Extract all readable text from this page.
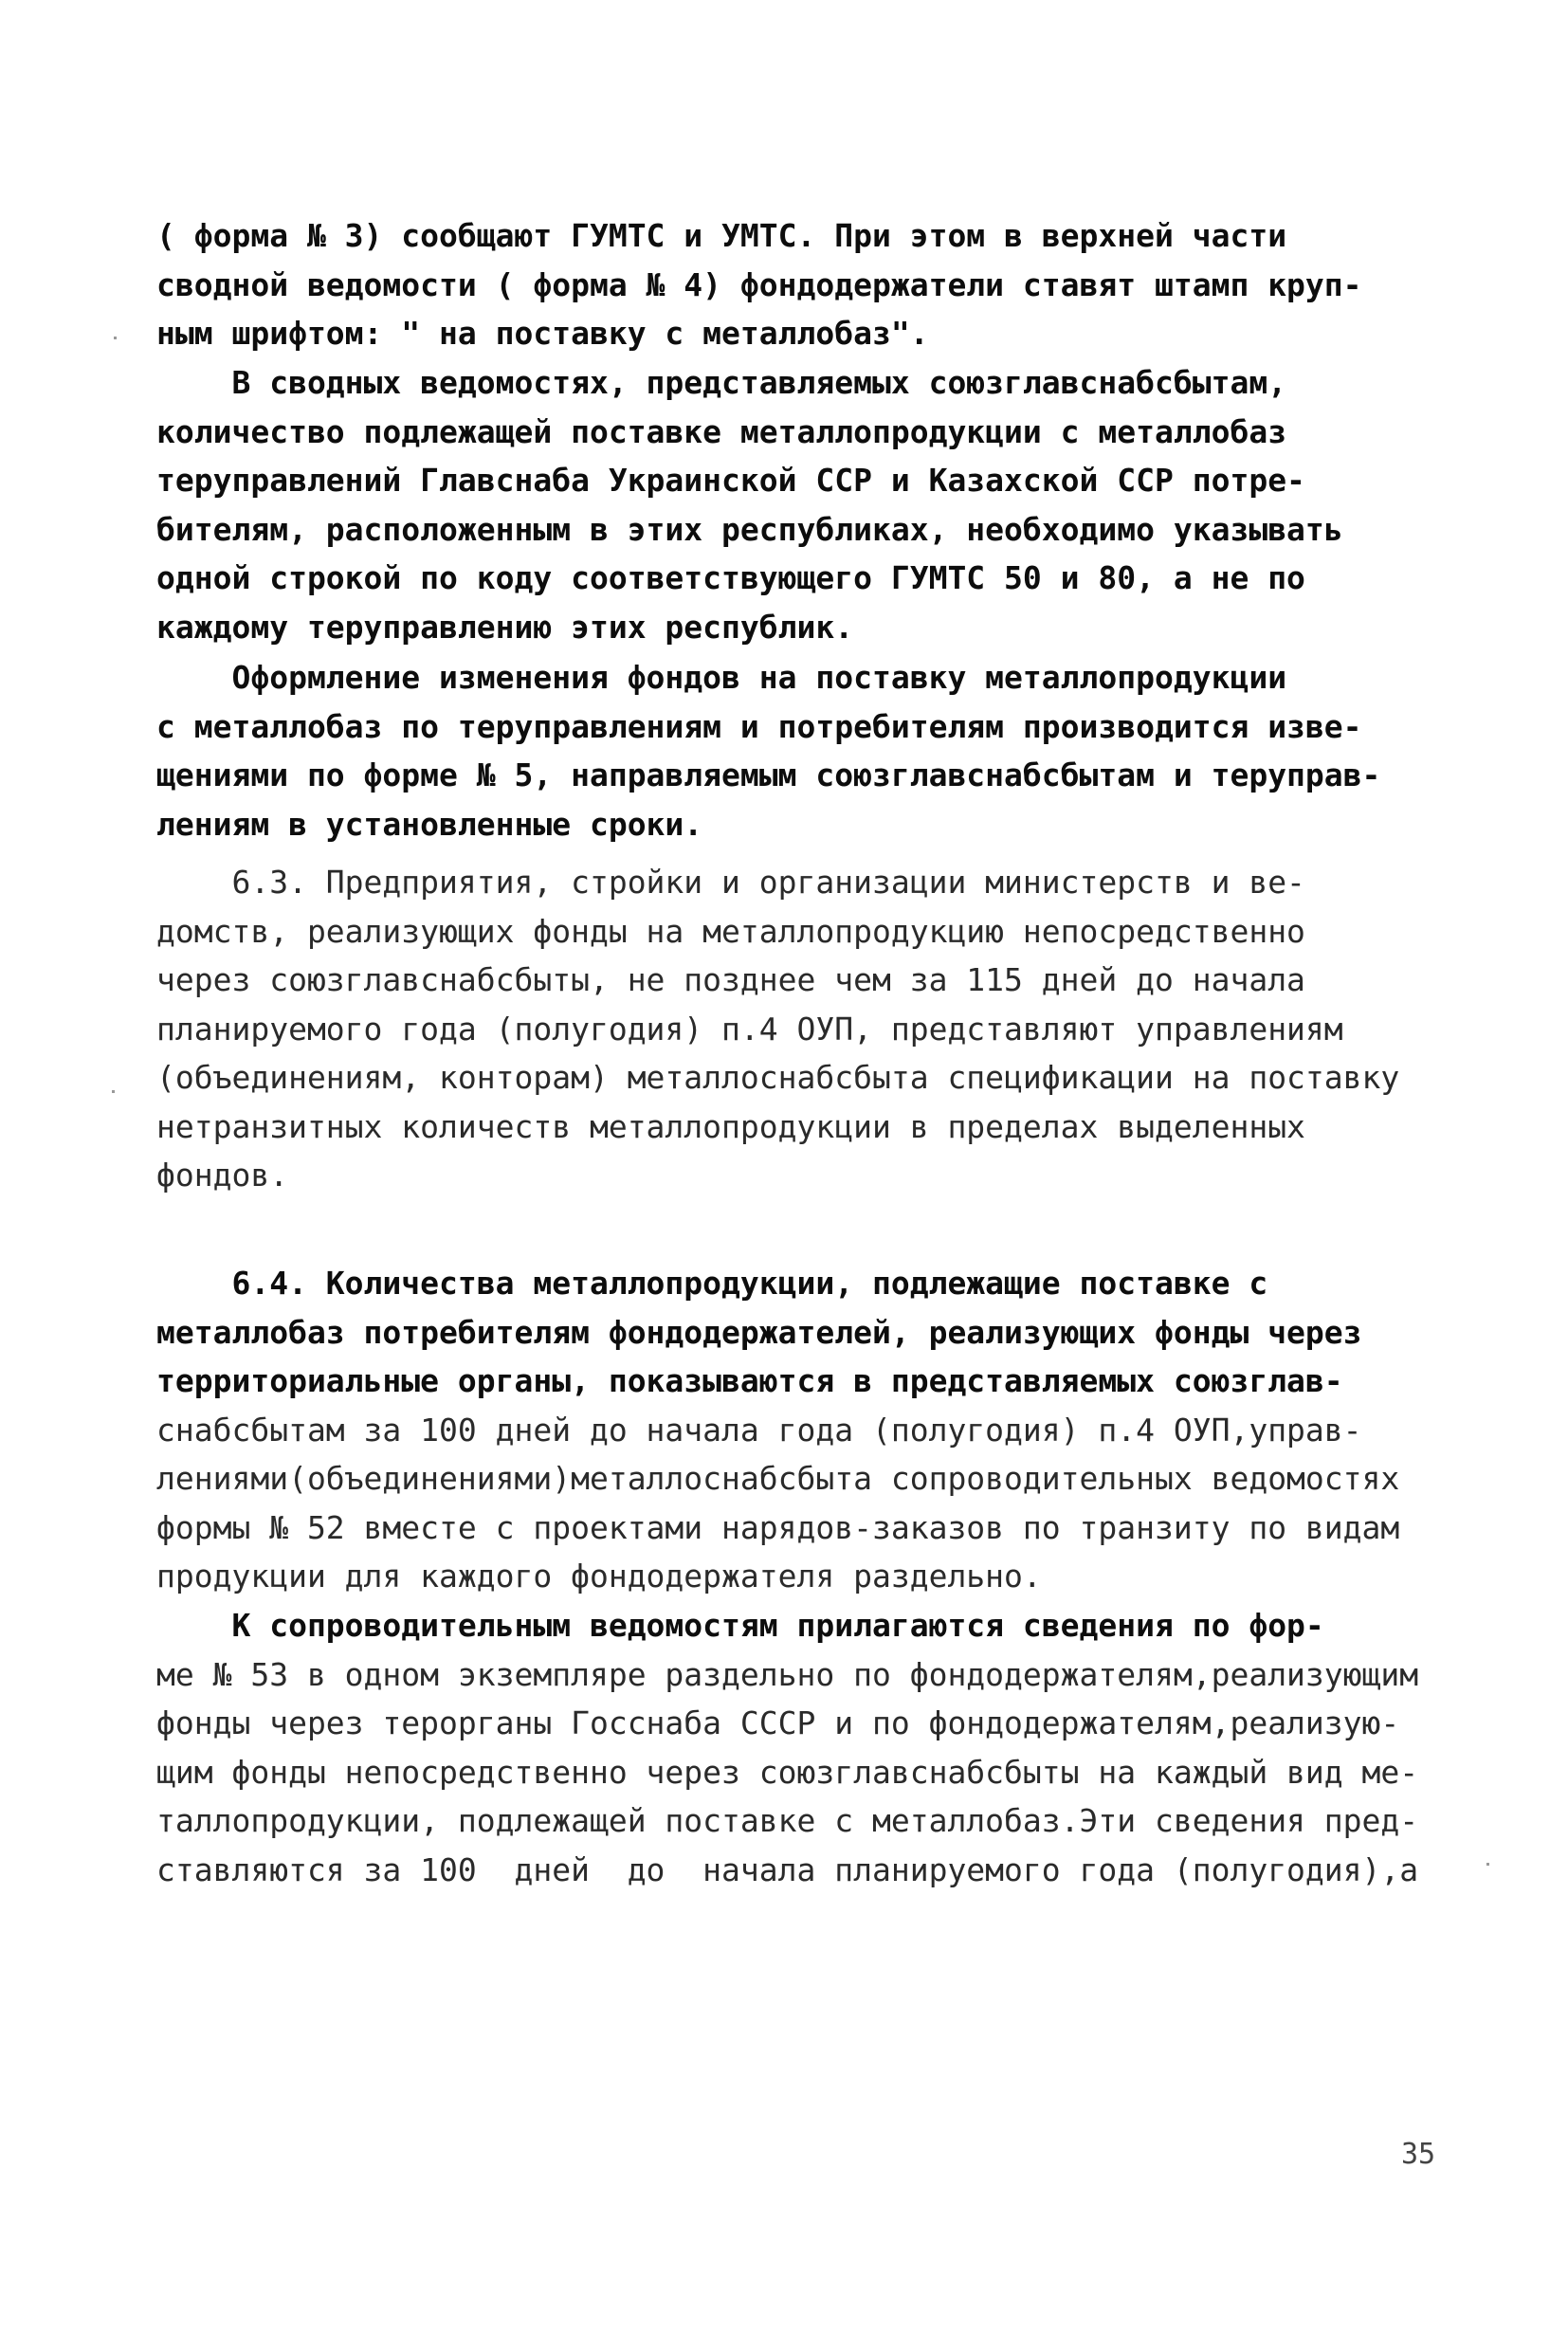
( форма № 3) сообщают ГУМТС и УМТС. При этом в верхней части
сводной ведомости ( форма № 4) фондодержатели ставят штамп круп-
ным шрифтом: " на поставку с металлобаз".
В сводных ведомостях, представляемых союзглавснабсбытам,
количество подлежащей поставке металлопродукции с металлобаз
теруправлений Главснаба Украинской ССР и Казахской ССР потре-
бителям, расположенным в этих республиках, необходимо указывать
одной строкой по коду соответствующего ГУМТС 50 и 80, а не по
каждому теруправлению этих республик.
Оформление изменения фондов на поставку металлопродукции
с металлобаз по теруправлениям и потребителям производится изве-
щениями по форме № 5, направляемым союзглавснабсбытам и теруправ-
лениям в установленные сроки.
6.3. Предприятия, стройки и организации министерств и ве-
домств, реализующих фонды на металлопродукцию непосредственно
через союзглавснабсбыты, не позднее чем за 115 дней до начала
планируемого года (полугодия) п.4 ОУП, представляют управлениям
(объединениям, конторам) металлоснабсбыта спецификации на поставку
нетранзитных количеств металлопродукции в пределах выделенных
фондов.
6.4. Количества металлопродукции, подлежащие поставке с
металлобаз потребителям фондодержателей, реализующих фонды через
территориальные органы, показываются в представляемых союзглав-
снабсбытам за 100 дней до начала года (полугодия) п.4 ОУП,управ-
лениями(объединениями)металлоснабсбыта сопроводительных ведомостях
формы № 52 вместе с проектами нарядов-заказов по транзиту по видам
продукции для каждого фондодержателя раздельно.
К сопроводительным ведомостям прилагаются сведения по фор-
ме № 53 в одном экземпляре раздельно по фондодержателям,реализующим
фонды через терорганы Госснаба СССР и по фондодержателям,реализую-
щим фонды непосредственно через союзглавснабсбыты на каждый вид ме-
таллопродукции, подлежащей поставке с металлобаз.Эти сведения пред-
ставляются за 100  дней  до  начала планируемого года (полугодия),а
35
